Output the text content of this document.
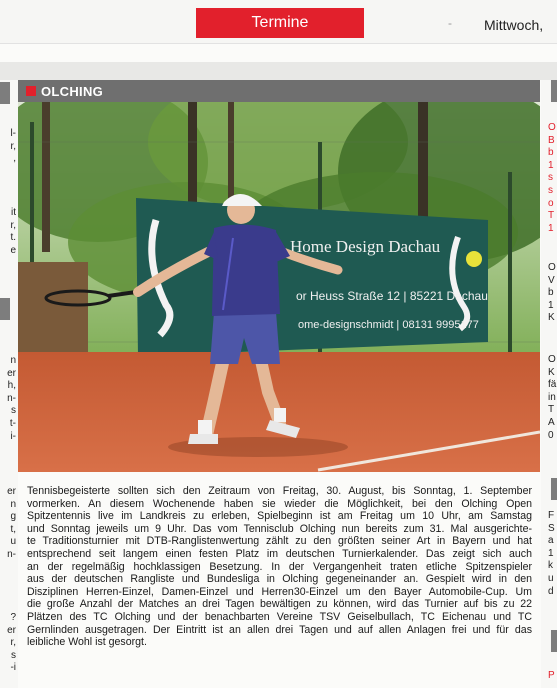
Termine	- Mittwoch,
l-
r,
,
it
r,
t.
e
n
er
h,
n-
s
t-
i-
er
n
g
t,
u
n-
?
er
r,
s
-i
O
B
b
1
s
s
o
T
1
O
V
b
1
K
O
K
fä
in
T
A
0
F
S
a
1
k
u
d
P
OLCHING
Home Design Dachau
or Heuss Straße 12 | 85221 Dachau
ome-designschmidt | 08131 9995177
Tennisbegeisterte sollten sich den Zeitraum von Freitag, 30. August, bis Sonntag, 1. September
vormerken. An diesem Wochenende haben sie wieder die Möglichkeit, bei den Olching Open
Spitzentennis live im Landkreis zu erleben, Spielbeginn ist am Freitag um 10 Uhr, am Samstag
und Sonntag jeweils um 9 Uhr. Das vom Tennisclub Olching nun bereits zum 31. Mal ausgerichte-
te Traditionsturnier mit DTB-Ranglistenwertung zählt zu den größten seiner Art in Bayern und hat
entsprechend seit langem einen festen Platz im deutschen Turnierkalender. Das zeigt sich auch
an der regelmäßig hochklassigen Besetzung. In der Vergangenheit traten etliche Spitzenspieler
aus der deutschen Rangliste und Bundesliga in Olching gegeneinander an. Gespielt wird in den
Disziplinen Herren-Einzel, Damen-Einzel und Herren30-Einzel um den Bayer Automobile-Cup. Um
die große Anzahl der Matches an drei Tagen bewältigen zu können, wird das Turnier auf bis zu 22
Plätzen des TC Olching und der benachbarten Vereine TSV Geiselbullach, TC Eichenau und TC
Gernlinden ausgetragen. Der Eintritt ist an allen drei Tagen und auf allen Anlagen frei und für das
leibliche Wohl ist gesorgt.
